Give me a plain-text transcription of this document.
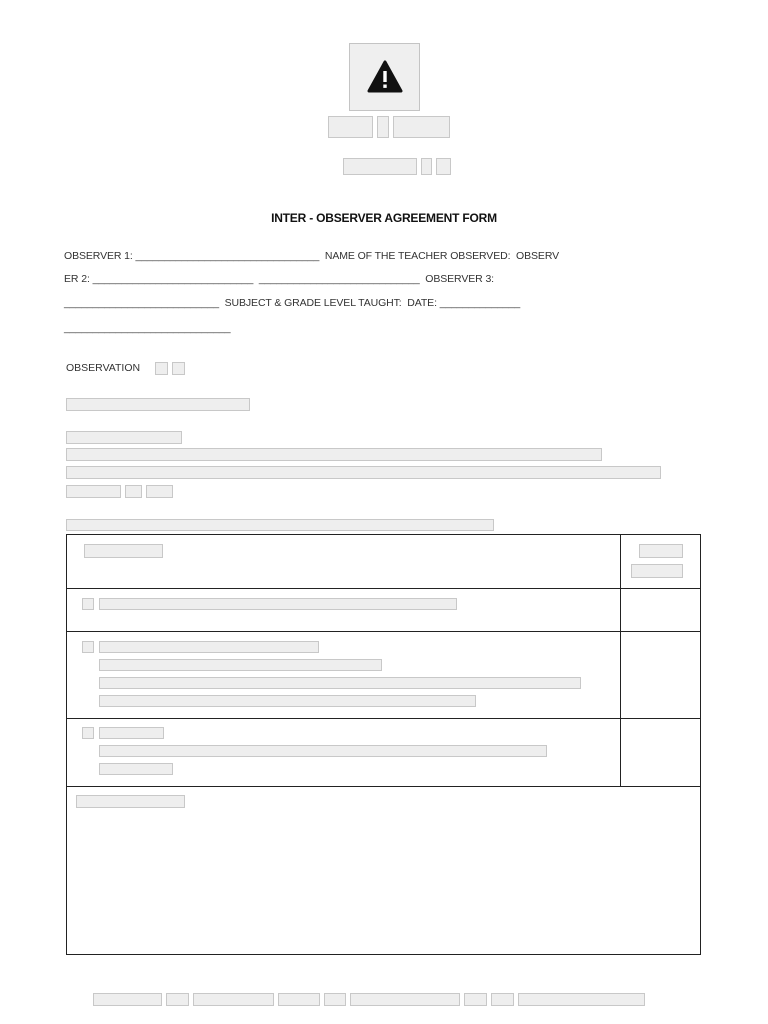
INTER - OBSERVER AGREEMENT FORM
OBSERVER 1: ________________________________  NAME OF THE TEACHER OBSERVED:  OBSERV
ER 2: ____________________________  ____________________________  OBSERVER 3:
___________________________  SUBJECT & GRADE LEVEL TAUGHT:  DATE: ______________
_____________________________
OBSERVATION
